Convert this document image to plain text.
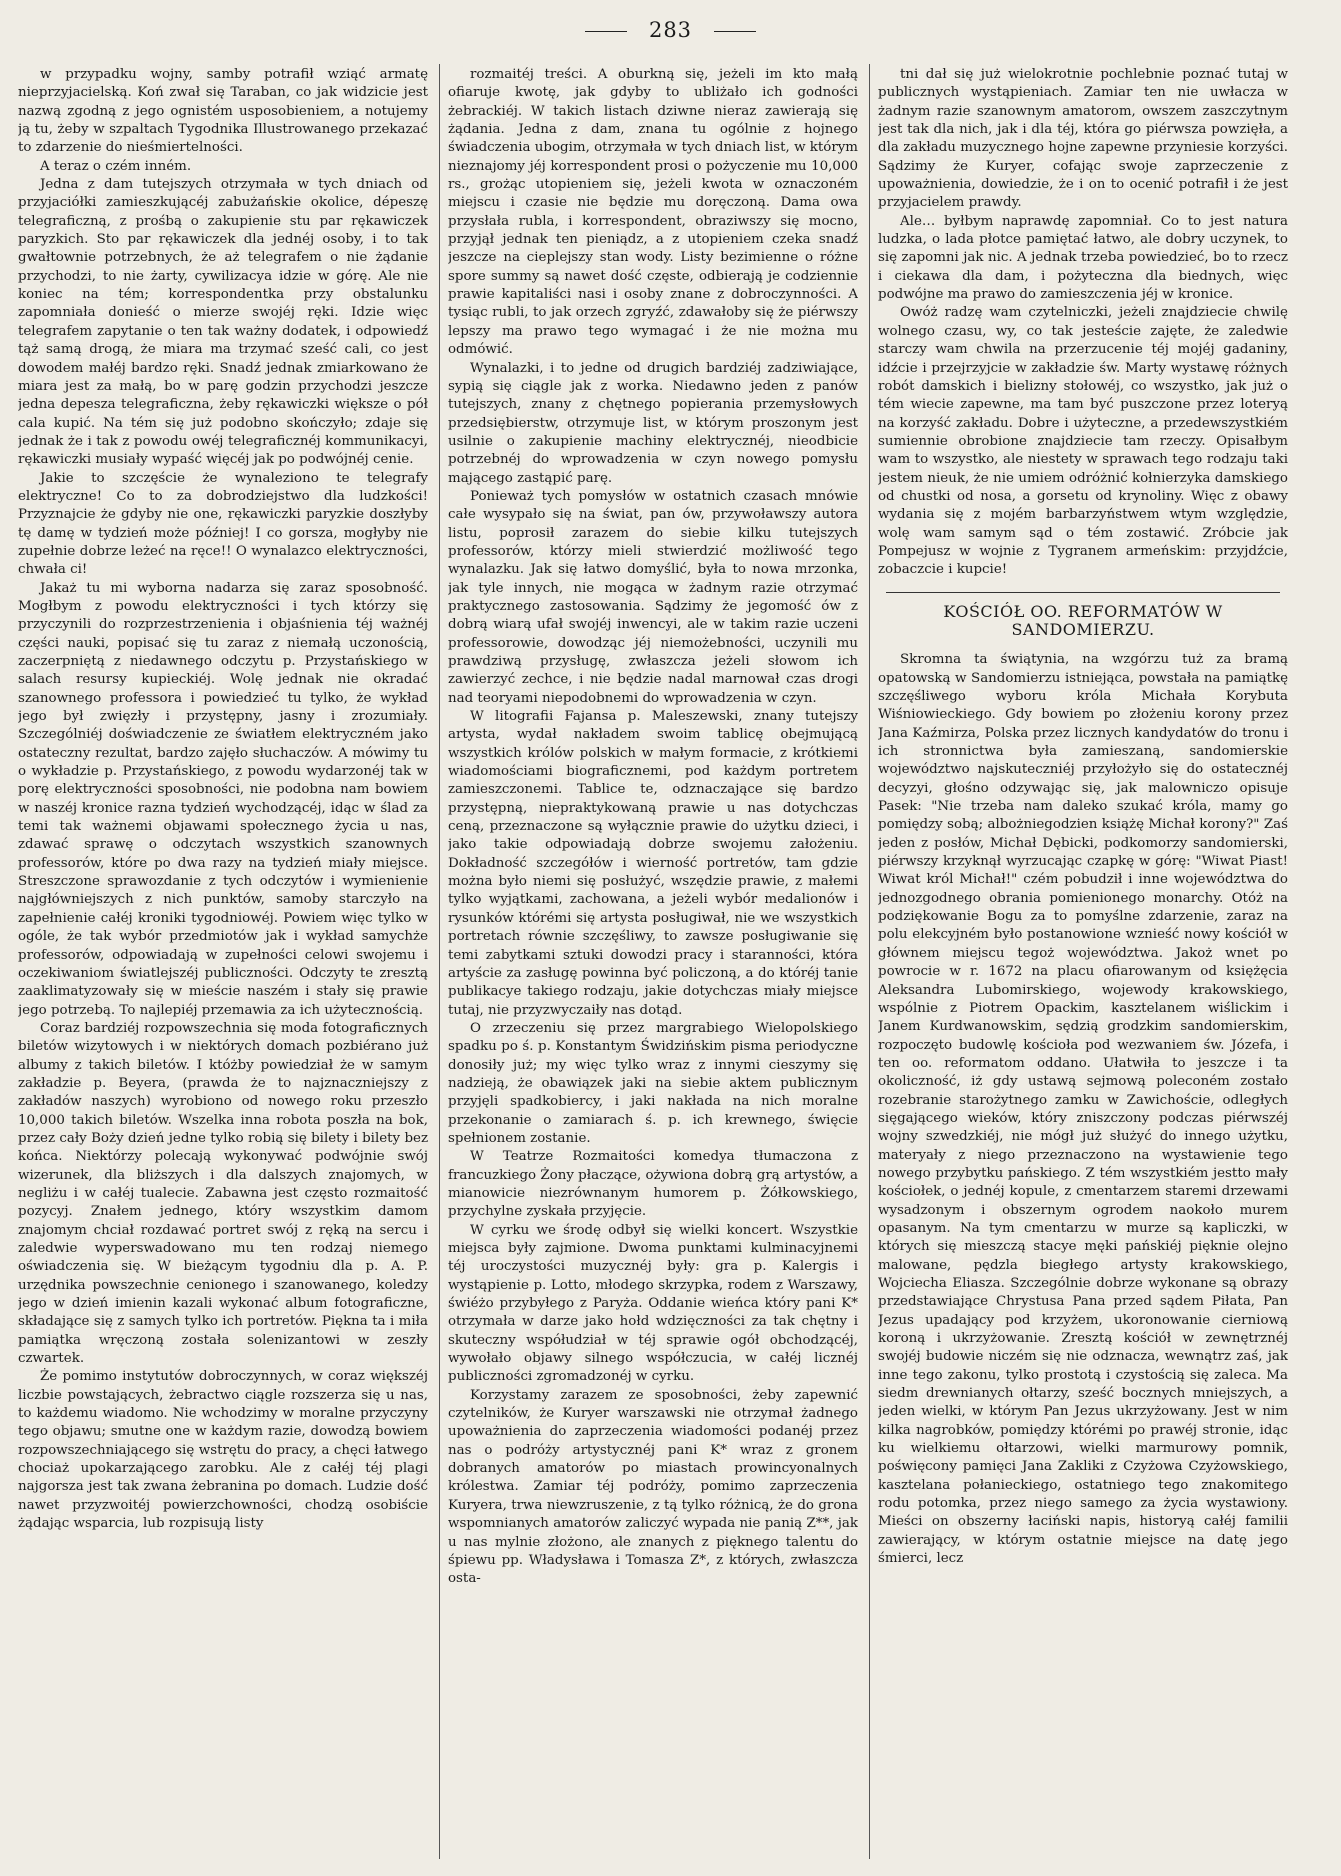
283

w przypadku wojny, samby potrafił wziąć armatę nieprzyjacielską. Koń zwał się Taraban, co jak widzicie jest nazwą zgodną z jego ognistém usposobieniem, a notujemy ją tu, żeby w szpaltach Tygodnika Illustrowanego przekazać to zdarzenie do nieśmiertelności.

A teraz o czém inném.

Jedna z dam tutejszych otrzymała w tych dniach od przyjaciółki zamieszkującéj zabużańskie okolice, dépeszę telegraficzną, z prośbą o zakupienie stu par rękawiczek paryzkich. Sto par rękawiczek dla jednéj osoby, i to tak gwałtownie potrzebnych, że aż telegrafem o nie żądanie przychodzi, to nie żarty, cywilizacya idzie w górę. Ale nie koniec na tém; korrespondentka przy obstalunku zapomniała donieść o mierze swojéj ręki. Idzie więc telegrafem zapytanie o ten tak ważny dodatek, i odpowiedź tąż samą drogą, że miara ma trzymać sześć cali, co jest dowodem małéj bardzo ręki. Snadź jednak zmiarkowano że miara jest za małą, bo w parę godzin przychodzi jeszcze jedna depesza telegraficzna, żeby rękawiczki większe o pół cala kupić. Na tém się już podobno skończyło; zdaje się jednak że i tak z powodu owéj telegraficznéj kommunikacyi, rękawiczki musiały wypaść więcéj jak po podwójnéj cenie.

Jakie to szczęście że wynaleziono te telegrafy elektryczne! Co to za dobrodziejstwo dla ludzkości! Przyznajcie że gdyby nie one, rękawiczki paryzkie doszłyby tę damę w tydzień może później! I co gorsza, mogłyby nie zupełnie dobrze leżeć na ręce!! O wynalazco elektryczności, chwała ci!

Jakaż tu mi wyborna nadarza się zaraz sposobność. Mogłbym z powodu elektryczności i tych którzy się przyczynili do rozprzestrzenienia i objaśnienia téj ważnéj części nauki, popisać się tu zaraz z niemałą uczonością, zaczerpniętą z niedawnego odczytu p. Przystańskiego w salach resursy kupieckiéj. Wolę jednak nie okradać szanownego professora i powiedzieć tu tylko, że wykład jego był zwięzły i przystępny, jasny i zrozumiały. Szczególniéj doświadczenie ze światłem elektryczném jako ostateczny rezultat, bardzo zajęło słuchaczów. A mówimy tu o wykładzie p. Przystańskiego, z powodu wydarzonéj tak w porę elektryczności sposobności, nie podobna nam bowiem w naszéj kronice razna tydzień wychodzącéj, idąc w ślad za temi tak ważnemi objawami społecznego życia u nas, zdawać sprawę o odczytach wszystkich szanownych professorów, które po dwa razy na tydzień miały miejsce. Streszczone sprawozdanie z tych odczytów i wymienienie najgłówniejszych z nich punktów, samoby starczyło na zapełnienie całéj kroniki tygodniowéj. Powiem więc tylko w ogóle, że tak wybór przedmiotów jak i wykład samychże professorów, odpowiadają w zupełności celowi swojemu i oczekiwaniom światlejszéj publiczności. Odczyty te zresztą zaaklimatyzowały się w mieście naszém i stały się prawie jego potrzebą. To najlepiéj przemawia za ich użytecznością.

Coraz bardziéj rozpowszechnia się moda fotograficznych biletów wizytowych i w niektórych domach pozbiérano już albumy z takich biletów. I któżby powiedział że w samym zakładzie p. Beyera, (prawda że to najznaczniejszy z zakładów naszych) wyrobiono od nowego roku przeszło 10,000 takich biletów. Wszelka inna robota poszła na bok, przez cały Boży dzień jedne tylko robią się bilety i bilety bez końca. Niektórzy polecają wykonywać podwójnie swój wizerunek, dla bliższych i dla dalszych znajomych, w negliżu i w całéj tualecie. Zabawna jest często rozmaitość pozycyj. Znałem jednego, który wszystkim damom znajomym chciał rozdawać portret swój z ręką na sercu i zaledwie wyperswadowano mu ten rodzaj niemego oświadczenia się. W bieżącym tygodniu dla p. A. P. urzędnika powszechnie cenionego i szanowanego, koledzy jego w dzień imienin kazali wykonać album fotograficzne, składające się z samych tylko ich portretów. Piękna ta i miła pamiątka wręczoną została solenizantowi w zeszły czwartek.

Że pomimo instytutów dobroczynnych, w coraz większéj liczbie powstających, żebractwo ciągle rozszerza się u nas, to każdemu wiadomo. Nie wchodzimy w moralne przyczyny tego objawu; smutne one w każdym razie, dowodzą bowiem rozpowszechniającego się wstrętu do pracy, a chęci łatwego chociaż upokarzającego zarobku. Ale z całéj téj plagi najgorsza jest tak zwana żebranina po domach. Ludzie dość nawet przyzwoitéj powierzchowności, chodzą osobiście żądając wsparcia, lub rozpisują listy

rozmaitéj treści. A oburkną się, jeżeli im kto małą ofiaruje kwotę, jak gdyby to ubliżało ich godności żebrackiéj. W takich listach dziwne nieraz zawierają się żądania. Jedna z dam, znana tu ogólnie z hojnego świadczenia ubogim, otrzymała w tych dniach list, w którym nieznajomy jéj korrespondent prosi o pożyczenie mu 10,000 rs., grożąc utopieniem się, jeżeli kwota w oznaczoném miejscu i czasie nie będzie mu doręczoną. Dama owa przysłała rubla, i korrespondent, obraziwszy się mocno, przyjął jednak ten pieniądz, a z utopieniem czeka snadź jeszcze na cieplejszy stan wody. Listy bezimienne o różne spore summy są nawet dość częste, odbierają je codziennie prawie kapitaliści nasi i osoby znane z dobroczynności. A tysiąc rubli, to jak orzech zgryźć, zdawałoby się że piérwszy lepszy ma prawo tego wymagać i że nie można mu odmówić.

Wynalazki, i to jedne od drugich bardziéj zadziwiające, sypią się ciągle jak z worka. Niedawno jeden z panów tutejszych, znany z chętnego popierania przemysłowych przedsiębierstw, otrzymuje list, w którym proszonym jest usilnie o zakupienie machiny elektrycznéj, nieodbicie potrzebnéj do wprowadzenia w czyn nowego pomysłu mającego zastąpić parę.

Ponieważ tych pomysłów w ostatnich czasach mnówie całe wysypało się na świat, pan ów, przywoławszy autora listu, poprosił zarazem do siebie kilku tutejszych professorów, którzy mieli stwierdzić możliwość tego wynalazku. Jak się łatwo domyślić, była to nowa mrzonka, jak tyle innych, nie mogąca w żadnym razie otrzymać praktycznego zastosowania. Sądzimy że jegomość ów z dobrą wiarą ufał swojéj inwencyi, ale w takim razie uczeni professorowie, dowodząc jéj niemożebności, uczynili mu prawdziwą przysługę, zwłaszcza jeżeli słowom ich zawierzyć zechce, i nie będzie nadal marnował czas drogi nad teoryami niepodobnemi do wprowadzenia w czyn.

W litografii Fajansa p. Maleszewski, znany tutejszy artysta, wydał nakładem swoim tablicę obejmującą wszystkich królów polskich w małym formacie, z krótkiemi wiadomościami biograficznemi, pod każdym portretem zamieszczonemi. Tablice te, odznaczające się bardzo przystępną, niepraktykowaną prawie u nas dotychczas ceną, przeznaczone są wyłącznie prawie do użytku dzieci, i jako takie odpowiadają dobrze swojemu założeniu. Dokładność szczegółów i wierność portretów, tam gdzie można było niemi się posłużyć, wszędzie prawie, z małemi tylko wyjątkami, zachowana, a jeżeli wybór medalionów i rysunków którémi się artysta posługiwał, nie we wszystkich portretach równie szczęśliwy, to zawsze posługiwanie się temi zabytkami sztuki dowodzi pracy i staranności, która artyście za zasługę powinna być policzoną, a do któréj tanie publikacye takiego rodzaju, jakie dotychczas miały miejsce tutaj, nie przyzwyczaiły nas dotąd.

O zrzeczeniu się przez margrabiego Wielopolskiego spadku po ś. p. Konstantym Świdzińskim pisma periodyczne donosiły już; my więc tylko wraz z innymi cieszymy się nadzieją, że obawiązek jaki na siebie aktem publicznym przyjęli spadkobiercy, i jaki nakłada na nich moralne przekonanie o zamiarach ś. p. ich krewnego, święcie spełnionem zostanie.

W Teatrze Rozmaitości komedya tłumaczona z francuzkiego Żony płaczące, ożywiona dobrą grą artystów, a mianowicie niezrównanym humorem p. Żółkowskiego, przychylne zyskała przyjęcie.

W cyrku we środę odbył się wielki koncert. Wszystkie miejsca były zajmione. Dwoma punktami kulminacyjnemi téj uroczystości muzycznéj były: gra p. Kalergis i wystąpienie p. Lotto, młodego skrzypka, rodem z Warszawy, świéżo przybyłego z Paryża. Oddanie wieńca który pani K* otrzymała w darze jako hołd wdzięczności za tak chętny i skuteczny współudział w téj sprawie ogół obchodzącéj, wywołało objawy silnego współczucia, w całéj licznéj publiczności zgromadzonéj w cyrku.

Korzystamy zarazem ze sposobności, żeby zapewnić czytelników, że Kuryer warszawski nie otrzymał żadnego upoważnienia do zaprzeczenia wiadomości podanéj przez nas o podróży artystycznéj pani K* wraz z gronem dobranych amatorów po miastach prowincyonalnych królestwa. Zamiar téj podróży, pomimo zaprzeczenia Kuryera, trwa niewzruszenie, z tą tylko różnicą, że do grona wspomnianych amatorów zaliczyć wypada nie panią Z**, jak u nas mylnie złożono, ale znanych z pięknego talentu do śpiewu pp. Władysława i Tomasza Z*, z których, zwłaszcza osta-

tni dał się już wielokrotnie pochlebnie poznać tutaj w publicznych wystąpieniach. Zamiar ten nie uwłacza w żadnym razie szanownym amatorom, owszem zaszczytnym jest tak dla nich, jak i dla téj, która go piérwsza powzięła, a dla zakładu muzycznego hojne zapewne przyniesie korzyści. Sądzimy że Kuryer, cofając swoje zaprzeczenie z upoważnienia, dowiedzie, że i on to ocenić potrafił i że jest przyjacielem prawdy.

Ale… byłbym naprawdę zapomniał. Co to jest natura ludzka, o lada płotce pamiętać łatwo, ale dobry uczynek, to się zapomni jak nic. A jednak trzeba powiedzieć, bo to rzecz i ciekawa dla dam, i pożyteczna dla biednych, więc podwójne ma prawo do zamieszczenia jéj w kronice.

Owóż radzę wam czytelniczki, jeżeli znajdziecie chwilę wolnego czasu, wy, co tak jesteście zajęte, że zaledwie starczy wam chwila na przerzucenie téj mojéj gadaniny, idźcie i przejrzyjcie w zakładzie św. Marty wystawę różnych robót damskich i bielizny stołowéj, co wszystko, jak już o tém wiecie zapewne, ma tam być puszczone przez loteryą na korzyść zakładu. Dobre i użyteczne, a przedewszystkiém sumiennie obrobione znajdziecie tam rzeczy. Opisałbym wam to wszystko, ale niestety w sprawach tego rodzaju taki jestem nieuk, że nie umiem odróżnić kołnierzyka damskiego od chustki od nosa, a gorsetu od krynoliny. Więc z obawy wydania się z mojém barbarzyństwem wtym względzie, wolę wam samym sąd o tém zostawić. Zróbcie jak Pompejusz w wojnie z Tygranem armeńskim: przyjdźcie, zobaczcie i kupcie!

KOŚCIÓŁ OO. REFORMATÓW W SANDOMIERZU.

Skromna ta świątynia, na wzgórzu tuż za bramą opatowską w Sandomierzu istniejąca, powstała na pamiątkę szczęśliwego wyboru króla Michała Korybuta Wiśniowieckiego. Gdy bowiem po złożeniu korony przez Jana Kaźmirza, Polska przez licznych kandydatów do tronu i ich stronnictwa była zamieszaną, sandomierskie województwo najskuteczniéj przyłożyło się do ostatecznéj decyzyi, głośno odzywając się, jak malowniczo opisuje Pasek: "Nie trzeba nam daleko szukać króla, mamy go pomiędzy sobą; albożniegodzien książę Michał korony?" Zaś jeden z posłów, Michał Dębicki, podkomorzy sandomierski, piérwszy krzyknął wyrzucając czapkę w górę: "Wiwat Piast! Wiwat król Michał!" czém pobudził i inne województwa do jednozgodnego obrania pomienionego monarchy. Otóż na podziękowanie Bogu za to pomyślne zdarzenie, zaraz na polu elekcyjném było postanowione wznieść nowy kościół w głównem miejscu tegoż województwa. Jakoż wnet po powrocie w r. 1672 na placu ofiarowanym od księżęcia Aleksandra Lubomirskiego, wojewody krakowskiego, wspólnie z Piotrem Opackim, kasztelanem wiślickim i Janem Kurdwanowskim, sędzią grodzkim sandomierskim, rozpoczęto budowlę kościoła pod wezwaniem św. Józefa, i ten oo. reformatom oddano. Ułatwiła to jeszcze i ta okoliczność, iż gdy ustawą sejmową poleconém zostało rozebranie starożytnego zamku w Zawichoście, odległych sięgającego wieków, który zniszczony podczas piérwszéj wojny szwedzkiéj, nie mógł już służyć do innego użytku, materyały z niego przeznaczono na wystawienie tego nowego przybytku pańskiego. Z tém wszystkiém jestto mały kościołek, o jednéj kopule, z cmentarzem staremi drzewami wysadzonym i obszernym ogrodem naokoło murem opasanym. Na tym cmentarzu w murze są kapliczki, w których się mieszczą stacye męki pańskiéj pięknie olejno malowane, pędzla biegłego artysty krakowskiego, Wojciecha Eliasza. Szczególnie dobrze wykonane są obrazy przedstawiające Chrystusa Pana przed sądem Piłata, Pan Jezus upadający pod krzyżem, ukoronowanie cierniową koroną i ukrzyżowanie. Zresztą kościół w zewnętrznéj swojéj budowie niczém się nie odznacza, wewnątrz zaś, jak inne tego zakonu, tylko prostotą i czystością się zaleca. Ma siedm drewnianych ołtarzy, sześć bocznych mniejszych, a jeden wielki, w którym Pan Jezus ukrzyżowany. Jest w nim kilka nagrobków, pomiędzy którémi po prawéj stronie, idąc ku wielkiemu ołtarzowi, wielki marmurowy pomnik, poświęcony pamięci Jana Zakliki z Czyżowa Czyżowskiego, kasztelana połanieckiego, ostatniego tego znakomitego rodu potomka, przez niego samego za życia wystawiony. Mieści on obszerny łaciński napis, historyą całéj familii zawierający, w którym ostatnie miejsce na datę jego śmierci, lecz
